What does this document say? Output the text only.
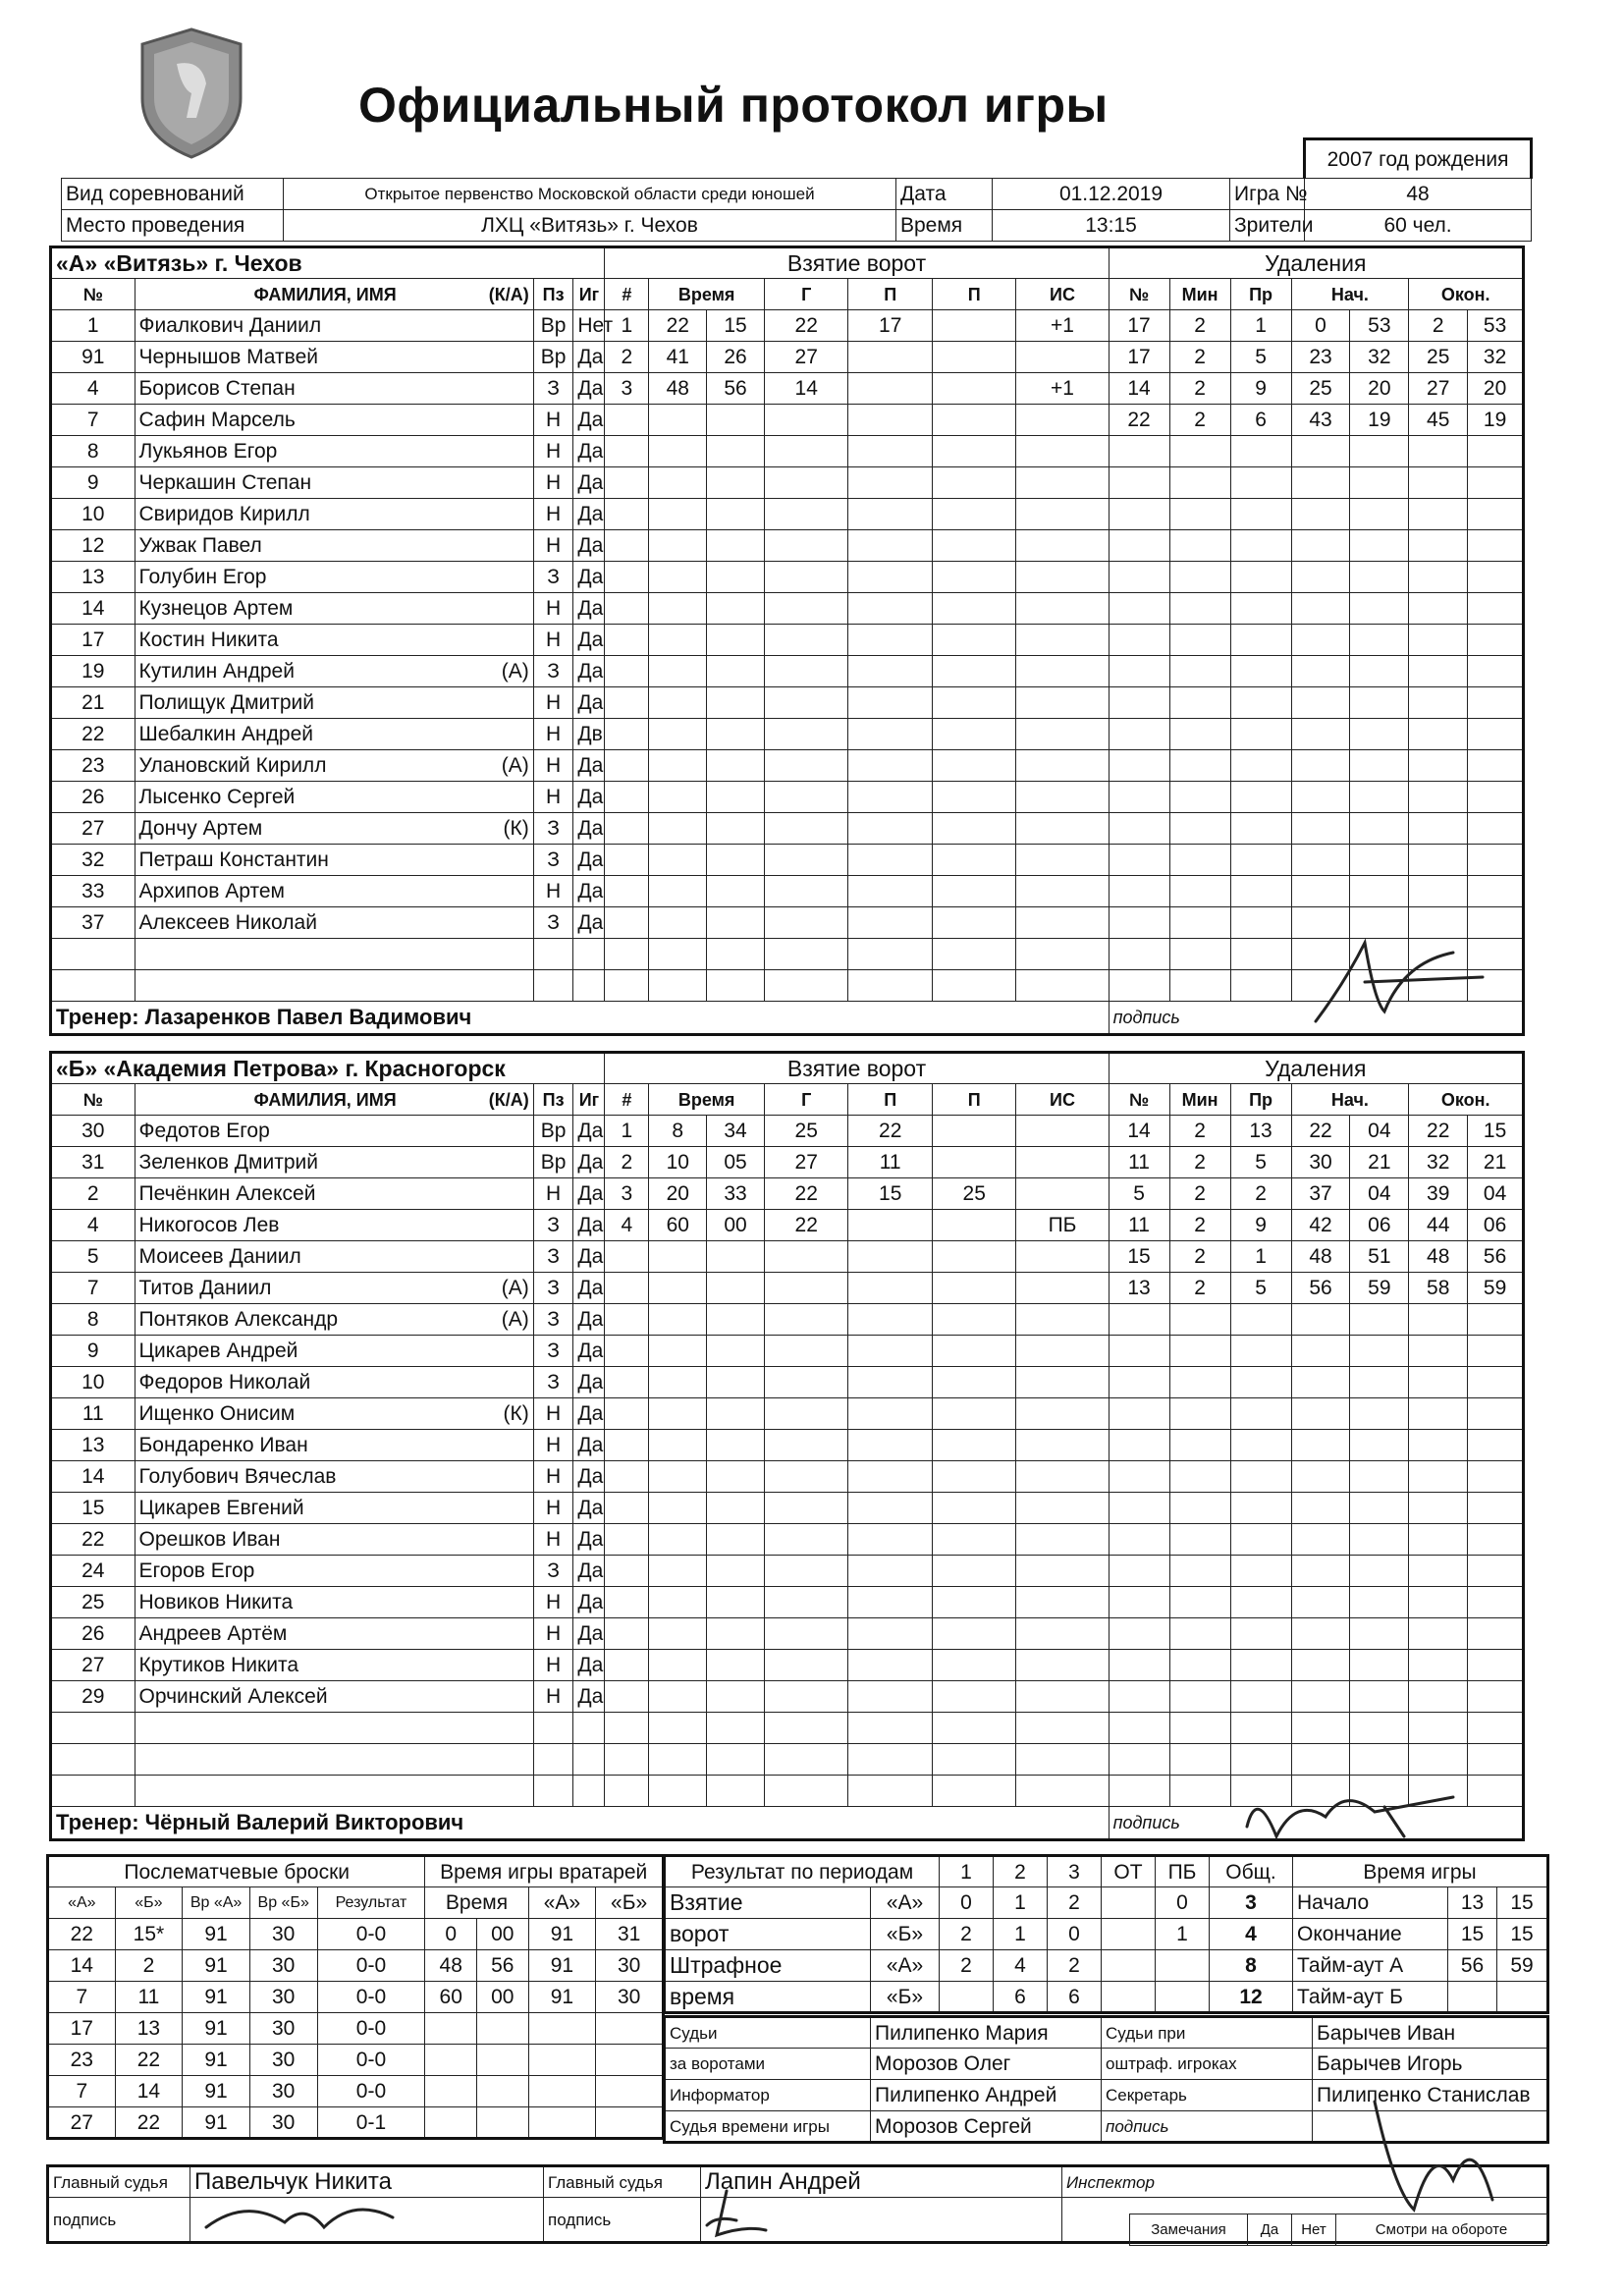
Официальный протокол игры
					2007 год рождения
Вид соревнований	Открытое первенство Московской области среди юношей	Дата	01.12.2019	Игра №	48
Место проведения	ЛХЦ «Витязь» г. Чехов	Время	13:15	Зрители	60 чел.
«А» «Витязь» г. Чехов				Взятие ворот							Удаления						
№	ФАМИЛИЯ, ИМЯ (К/А)	Пз	Иг	#	Время		Г	П	П	ИС	№	Мин	Пр	Нач.		Окон.	
1	Фиалкович Даниил	Вр	Нет	1	22	15	22	17		+1	17	2	1	0	53	2	53
91	Чернышов Матвей	Вр	Да	2	41	26	27				17	2	5	23	32	25	32
4	Борисов Степан	З	Да	3	48	56	14			+1	14	2	9	25	20	27	20
7	Сафин Марсель	Н	Да								22	2	6	43	19	45	19
8	Лукьянов Егор	Н	Да														
9	Черкашин Степан	Н	Да														
10	Свиридов Кирилл	Н	Да														
12	Ужвак Павел	Н	Да														
13	Голубин Егор	З	Да														
14	Кузнецов Артем	Н	Да														
17	Костин Никита	Н	Да														
19	Кутилин Андрей (А)	З	Да														
21	Полищук Дмитрий	Н	Да														
22	Шебалкин Андрей	Н	Дв														
23	Улановский Кирилл (А)	Н	Да														
26	Лысенко Сергей	Н	Да														
27	Дончу Артем (К)	З	Да														
32	Петраш Константин	З	Да														
33	Архипов Артем	Н	Да														
37	Алексеев Николай	З	Да														

Тренер: Лазаренков Павел Вадимович											подпись						
«Б» «Академия Петрова» г. Красногорск				Взятие ворот							Удаления						
№	ФАМИЛИЯ, ИМЯ (К/А)	Пз	Иг	#	Время		Г	П	П	ИС	№	Мин	Пр	Нач.		Окон.	
30	Федотов Егор	Вр	Да	1	8	34	25	22			14	2	13	22	04	22	15
31	Зеленков Дмитрий	Вр	Да	2	10	05	27	11			11	2	5	30	21	32	21
2	Печёнкин Алексей	Н	Да	3	20	33	22	15	25		5	2	2	37	04	39	04
4	Никогосов Лев	З	Да	4	60	00	22			ПБ	11	2	9	42	06	44	06
5	Моисеев Даниил	З	Да								15	2	1	48	51	48	56
7	Титов Даниил (А)	З	Да								13	2	5	56	59	58	59
8	Понтяков Александр (А)	З	Да														
9	Цикарев Андрей	З	Да														
10	Федоров Николай	З	Да														
11	Ищенко Онисим (К)	Н	Да														
13	Бондаренко Иван	Н	Да														
14	Голубович Вячеслав	Н	Да														
15	Цикарев Евгений	Н	Да														
22	Орешков Иван	Н	Да														
24	Егоров Егор	З	Да														
25	Новиков Никита	Н	Да														
26	Андреев Артём	Н	Да														
27	Крутиков Никита	Н	Да														
29	Орчинский Алексей	Н	Да														

Тренер: Чёрный Валерий Викторович											подпись						
Послематчевые броски					Время игры вратарей			
«А»	«Б»	Вр «А»	Вр «Б»	Результат	Время		«А»	«Б»
22	15*	91	30	0-0	0	00	91	31
14	2	91	30	0-0	48	56	91	30
7	11	91	30	0-0	60	00	91	30
17	13	91	30	0-0				
23	22	91	30	0-0				
7	14	91	30	0-0				
27	22	91	30	0-1				
Результат по периодам		1	2	3	ОТ	ПБ	Общ.	Время игры		
Взятие	«А»	0	1	2		0	3	Начало	13	15
ворот	«Б»	2	1	0		1	4	Окончание	15	15
Штрафное	«А»	2	4	2			8	Тайм-аут А	56	59
время	«Б»		6	6			12	Тайм-аут Б		
Судьи	Пилипенко Мария	Судьи при	Барычев Иван
за воротами	Морозов Олег	оштраф. игроках	Барычев Игорь
Информатор	Пилипенко Андрей	Секретарь	Пилипенко Станислав
Судья времени игры	Морозов Сергей	подпись	
Главный судья	Павельчук Никита	Главный судья	Лапин Андрей	Инспектор
подпись		подпись		
Замечания	Да	Нет	Смотри на обороте
